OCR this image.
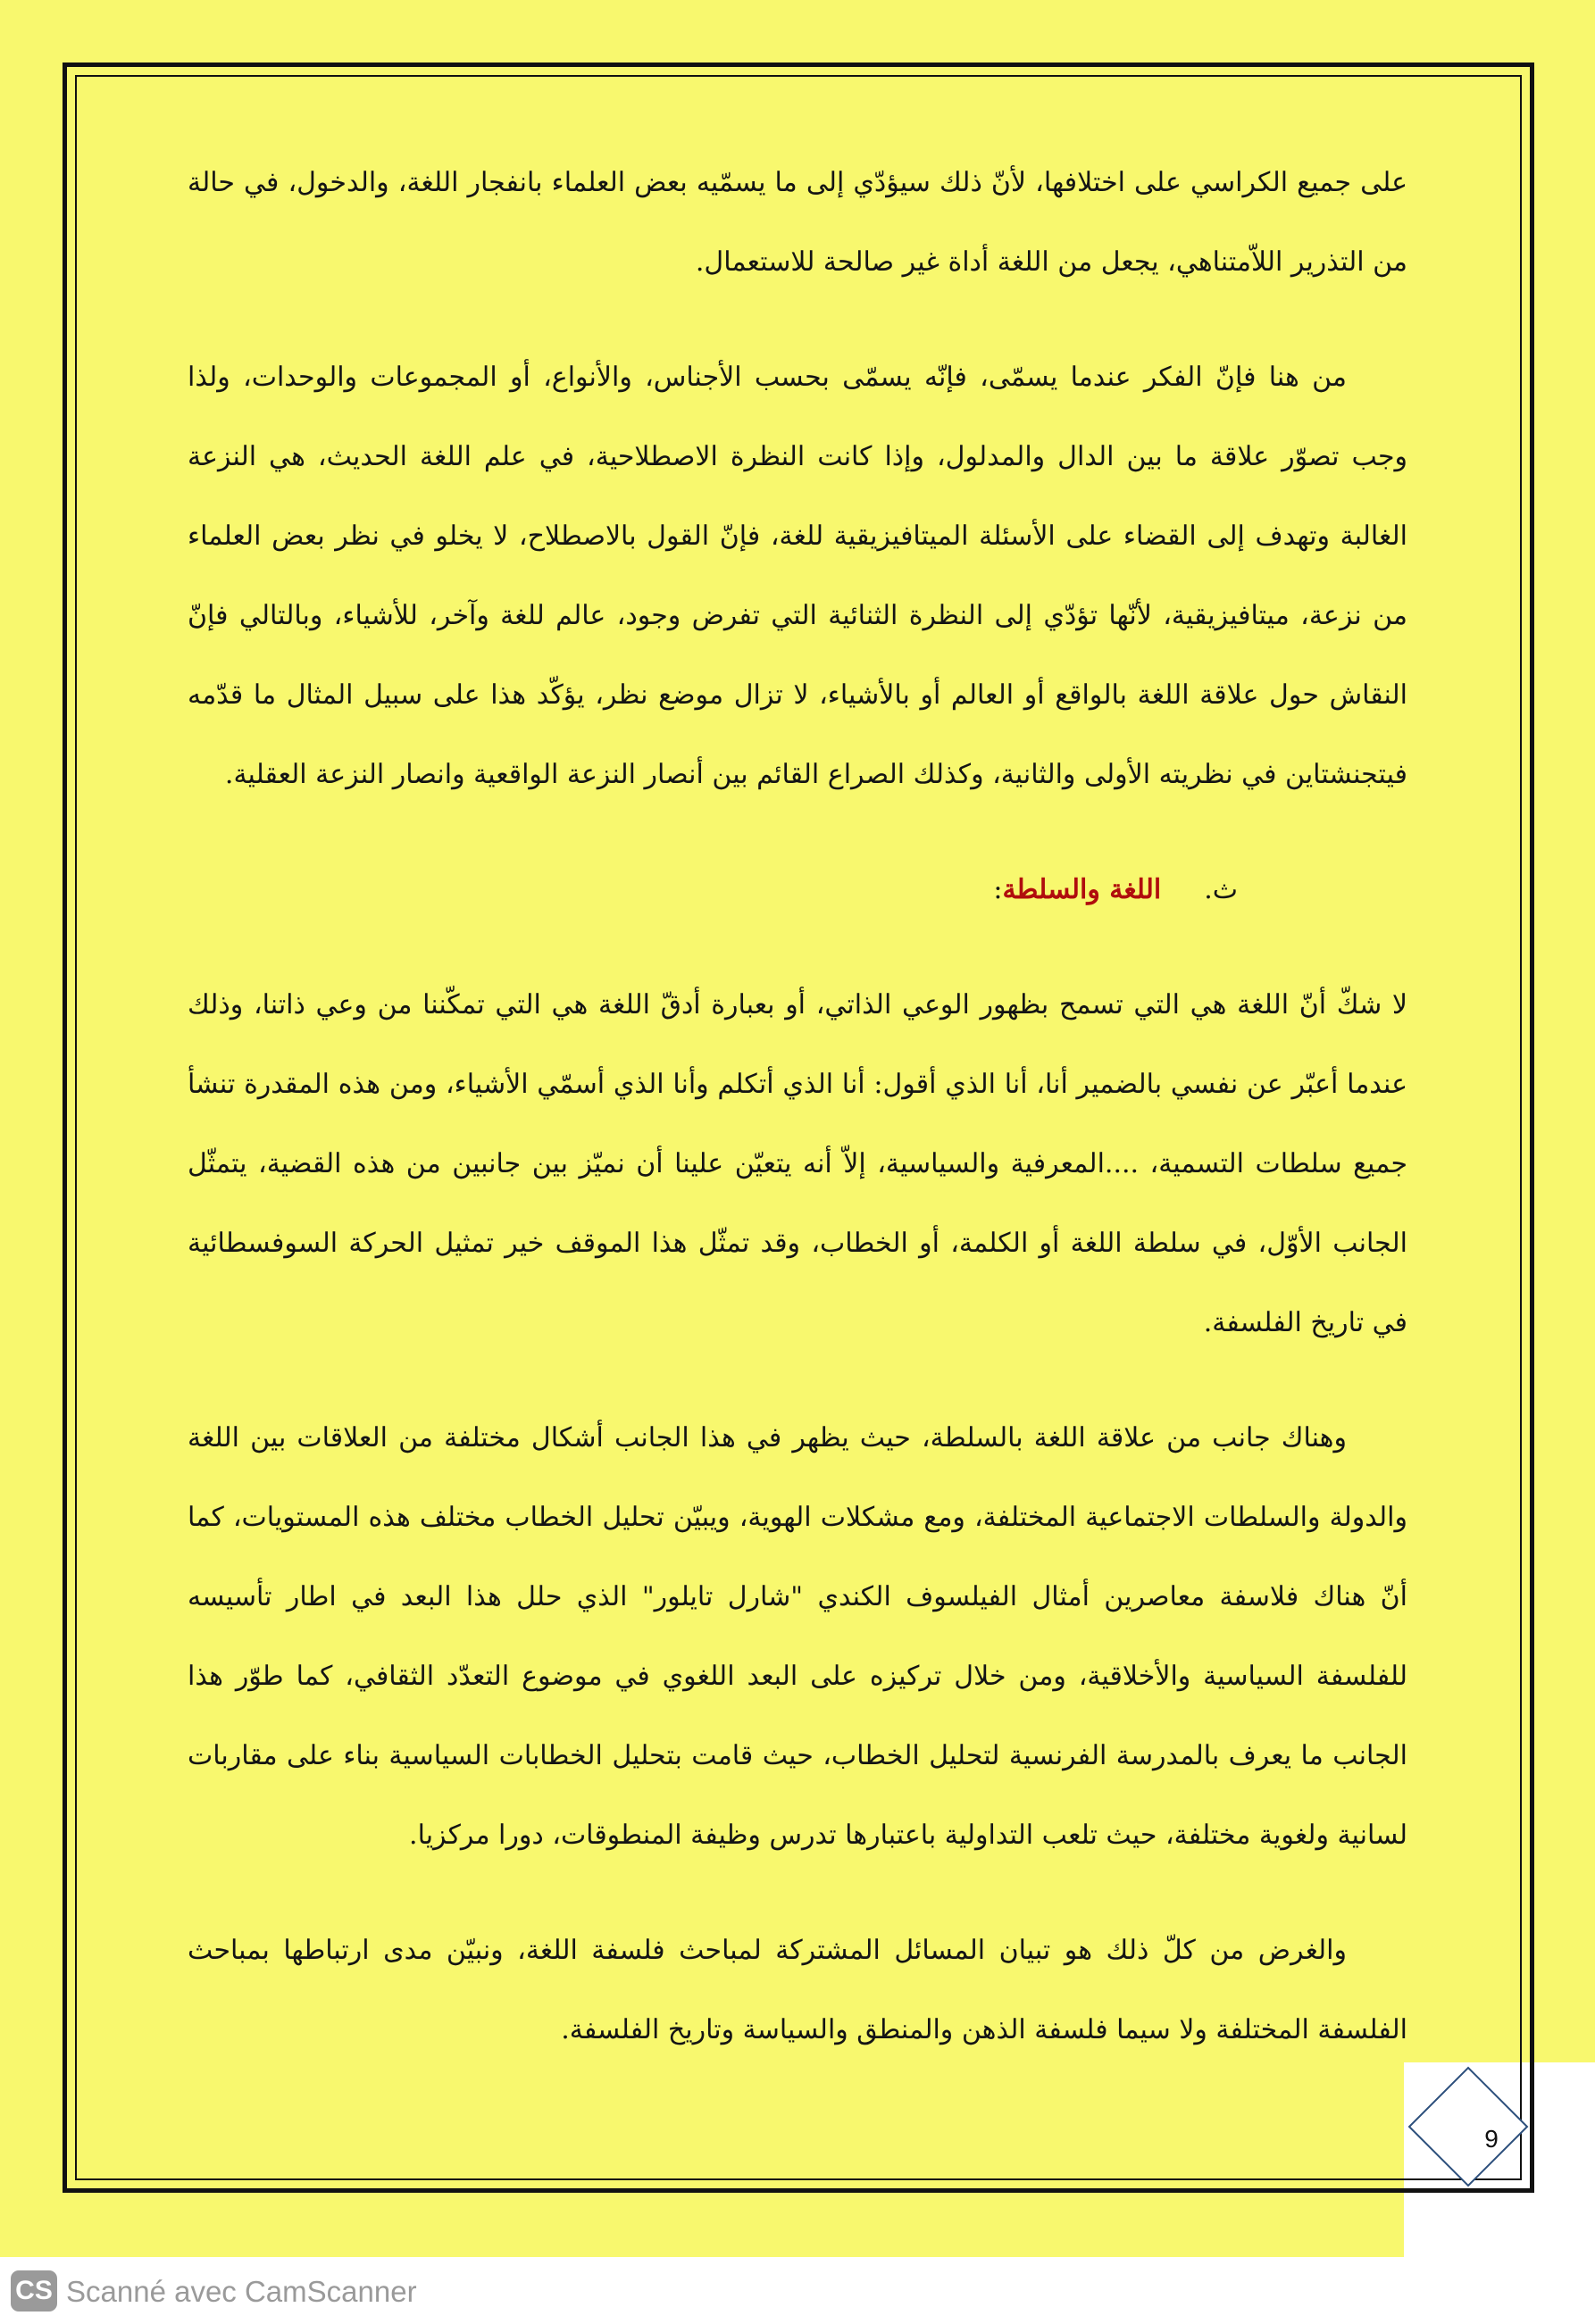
على جميع الكراسي على اختلافها، لأنّ ذلك سيؤدّي إلى ما يسمّيه بعض العلماء بانفجار اللغة، والدخول، في حالة من التذرير اللاّمتناهي، يجعل من اللغة أداة غير صالحة للاستعمال.

من هنا فإنّ الفكر عندما يسمّى، فإنّه يسمّى بحسب الأجناس، والأنواع، أو المجموعات والوحدات، ولذا وجب تصوّر علاقة ما بين الدال والمدلول، وإذا كانت النظرة الاصطلاحية، في علم اللغة الحديث، هي النزعة الغالبة وتهدف إلى القضاء على الأسئلة الميتافيزيقية للغة، فإنّ القول بالاصطلاح، لا يخلو في نظر بعض العلماء من نزعة، ميتافيزيقية، لأنّها تؤدّي إلى النظرة الثنائية التي تفرض وجود، عالم للغة وآخر، للأشياء، وبالتالي فإنّ النقاش حول علاقة اللغة بالواقع أو العالم أو بالأشياء، لا تزال موضع نظر، يؤكّد هذا على سبيل المثال ما قدّمه فيتجنشتاين في نظريته الأولى والثانية، وكذلك الصراع القائم بين أنصار النزعة الواقعية وانصار النزعة العقلية.

ث.اللغة والسلطة:

لا شكّ أنّ اللغة هي التي تسمح بظهور الوعي الذاتي، أو بعبارة أدقّ اللغة هي التي تمكّننا من وعي ذاتنا، وذلك عندما أعبّر عن نفسي بالضمير أنا، أنا الذي أقول: أنا الذي أتكلم وأنا الذي أسمّي الأشياء، ومن هذه المقدرة تنشأ جميع سلطات التسمية، ....المعرفية والسياسية، إلاّ أنه يتعيّن علينا أن نميّز بين جانبين من هذه القضية، يتمثّل الجانب الأوّل، في سلطة اللغة أو الكلمة، أو الخطاب، وقد تمثّل هذا الموقف خير تمثيل الحركة السوفسطائية في تاريخ الفلسفة.

وهناك جانب من علاقة اللغة بالسلطة، حيث يظهر في هذا الجانب أشكال مختلفة من العلاقات بين اللغة والدولة والسلطات الاجتماعية المختلفة، ومع مشكلات الهوية، ويبيّن تحليل الخطاب مختلف هذه المستويات، كما أنّ هناك فلاسفة معاصرين أمثال الفيلسوف الكندي "شارل تايلور" الذي حلل هذا البعد في اطار تأسيسه للفلسفة السياسية والأخلاقية، ومن خلال تركيزه على البعد اللغوي في موضوع التعدّد الثقافي، كما طوّر هذا الجانب ما يعرف بالمدرسة الفرنسية لتحليل الخطاب، حيث قامت بتحليل الخطابات السياسية بناء على مقاربات لسانية ولغوية مختلفة، حيث تلعب التداولية باعتبارها تدرس وظيفة المنطوقات، دورا مركزيا.

والغرض من كلّ ذلك هو تبيان المسائل المشتركة لمباحث فلسفة اللغة، ونبيّن مدى ارتباطها بمباحث الفلسفة المختلفة ولا سيما فلسفة الذهن والمنطق والسياسة وتاريخ الفلسفة.

9
CS Scanné avec CamScanner
